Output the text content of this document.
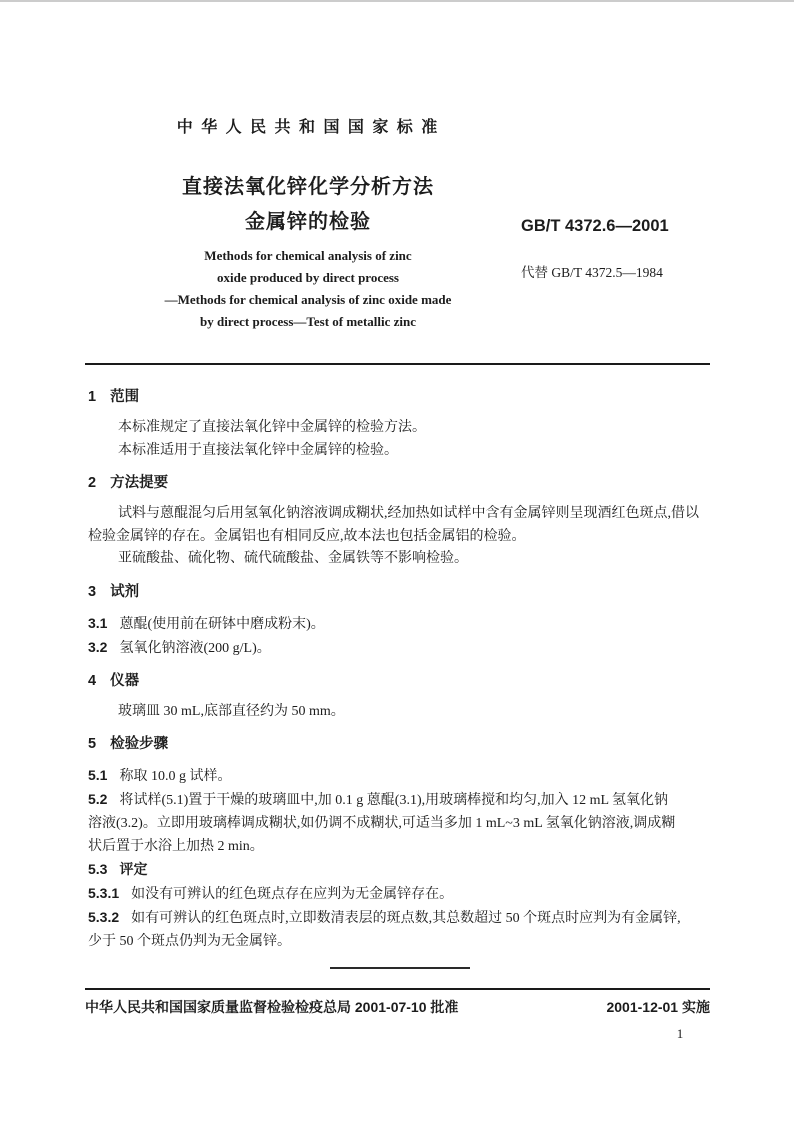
中 华 人 民 共 和 国 国 家 标 准
直接法氧化锌化学分析方法
金属锌的检验
Methods for chemical analysis of zinc
oxide produced by direct process
—Methods for chemical analysis of zinc oxide made
by direct process—Test of metallic zinc
GB/T 4372.6—2001
代替 GB/T 4372.5—1984

1 范围

本标准规定了直接法氧化锌中金属锌的检验方法。

本标准适用于直接法氧化锌中金属锌的检验。

2 方法提要

试料与蒽醌混匀后用氢氧化钠溶液调成糊状,经加热如试样中含有金属锌则呈现酒红色斑点,借以

检验金属锌的存在。金属铝也有相同反应,故本法也包括金属铝的检验。

亚硫酸盐、硫化物、硫代硫酸盐、金属铁等不影响检验。

3 试剂

3.1 蒽醌(使用前在研钵中磨成粉末)。

3.2 氢氧化钠溶液(200 g/L)。

4 仪器

玻璃皿 30 mL,底部直径约为 50 mm。

5 检验步骤

5.1 称取 10.0 g 试样。

5.2 将试样(5.1)置于干燥的玻璃皿中,加 0.1 g 蒽醌(3.1),用玻璃棒搅和均匀,加入 12 mL 氢氧化钠

溶液(3.2)。立即用玻璃棒调成糊状,如仍调不成糊状,可适当多加 1 mL~3 mL 氢氧化钠溶液,调成糊

状后置于水浴上加热 2 min。

5.3 评定

5.3.1 如没有可辨认的红色斑点存在应判为无金属锌存在。

5.3.2 如有可辨认的红色斑点时,立即数清表层的斑点数,其总数超过 50 个斑点时应判为有金属锌,

少于 50 个斑点仍判为无金属锌。

中华人民共和国国家质量监督检验检疫总局 2001-07-10 批准	2001-12-01 实施
1
